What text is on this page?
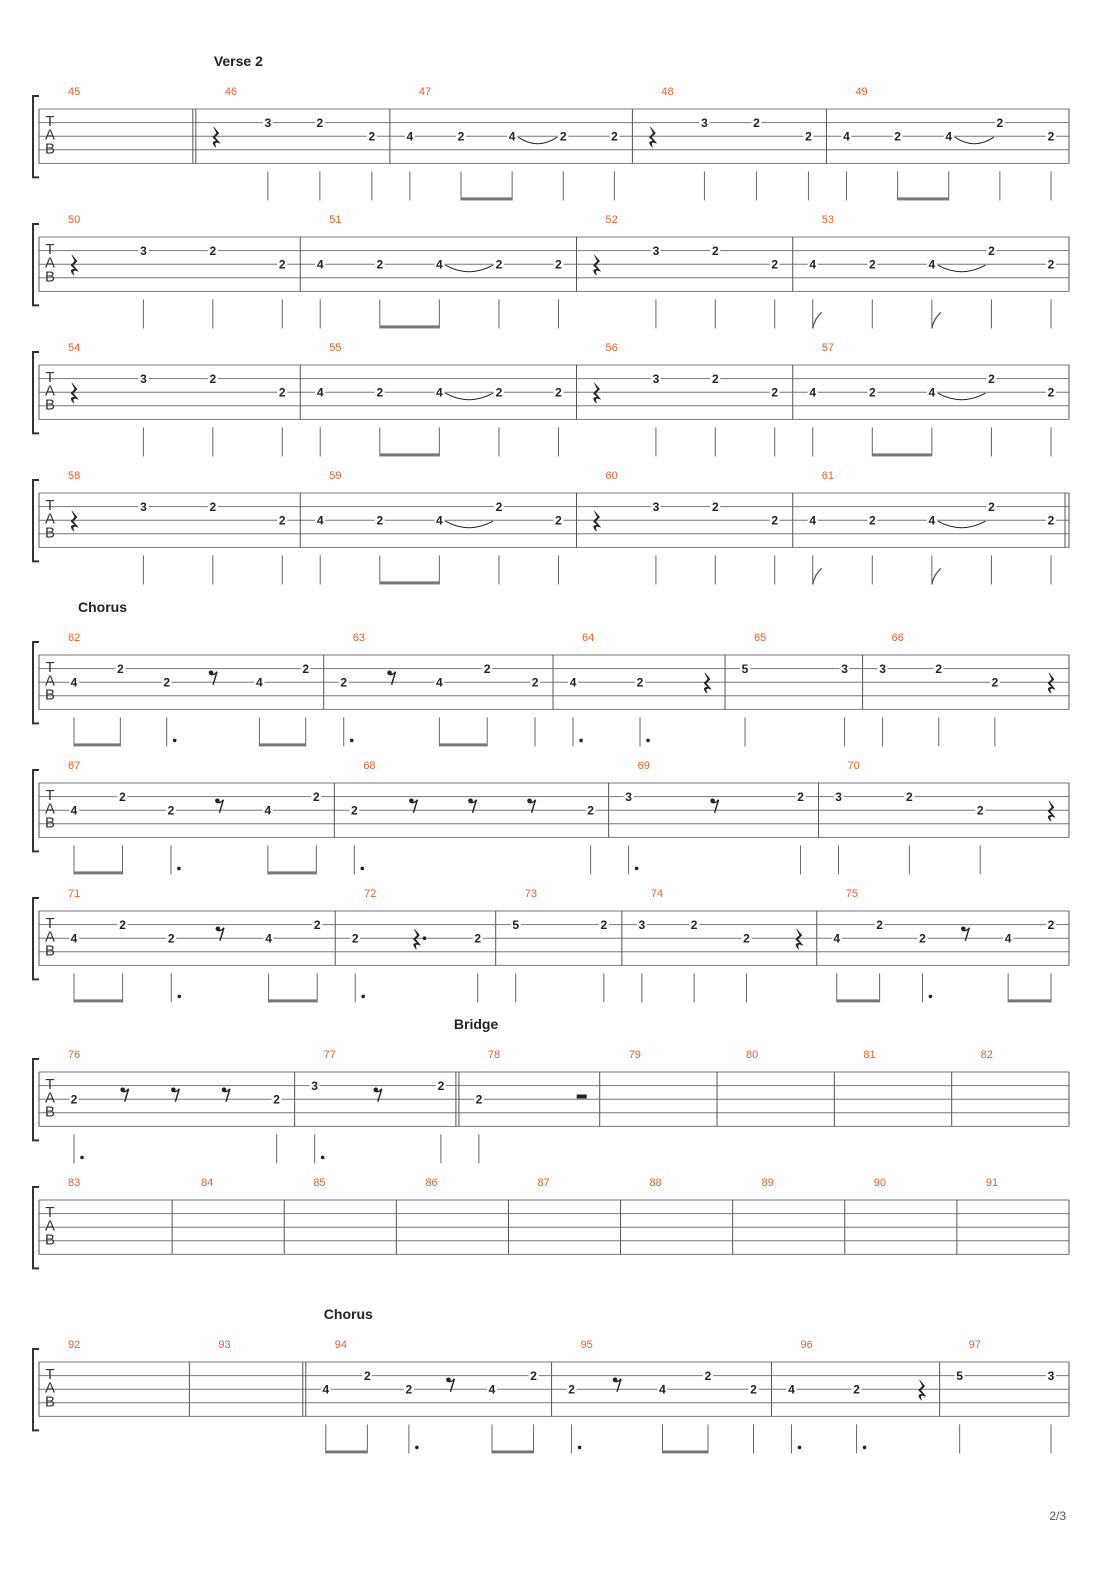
Verse 2
Chorus
Bridge
Chorus
T
A
B
45	46
3	2
2
47
4	2	4	2	2
48
3	2
2
49
4	2	4
2
2
T
A
B
50
3	2
2
51
4	2	4	2	2
52
3	2
2
53
4	2	4
2
2
T
A
B
54
3	2
2
55
4	2	4	2	2
56
3	2
2
57
4	2	4
2
2
T
A
B
58
3	2
2
59
4	2	4
2
2
60
3	2
2
61
4	2	4
2
2
T
A
B
62
4
2
2	4
2
63
2	4
2
2
64
4	2
65
5	3
66
3	2
2
T
A
B
67
4
2
2	4
2
68
2	2
69
3	2
70
3	2
2
T
A
B
71
4
2
2	4
2
72
2	2
73
5	2
74
3	2
2
75
4
2
2	4
2
T
A
B
76
2	2
77
3	2
78
2
79	80	81	82
T
A
B
83	84	85	86	87	88	89	90	91
T
A
B
92	93	94
4
2
2	4
2
95
2	4
2
2
96
4	2
97
5	3
2/3
